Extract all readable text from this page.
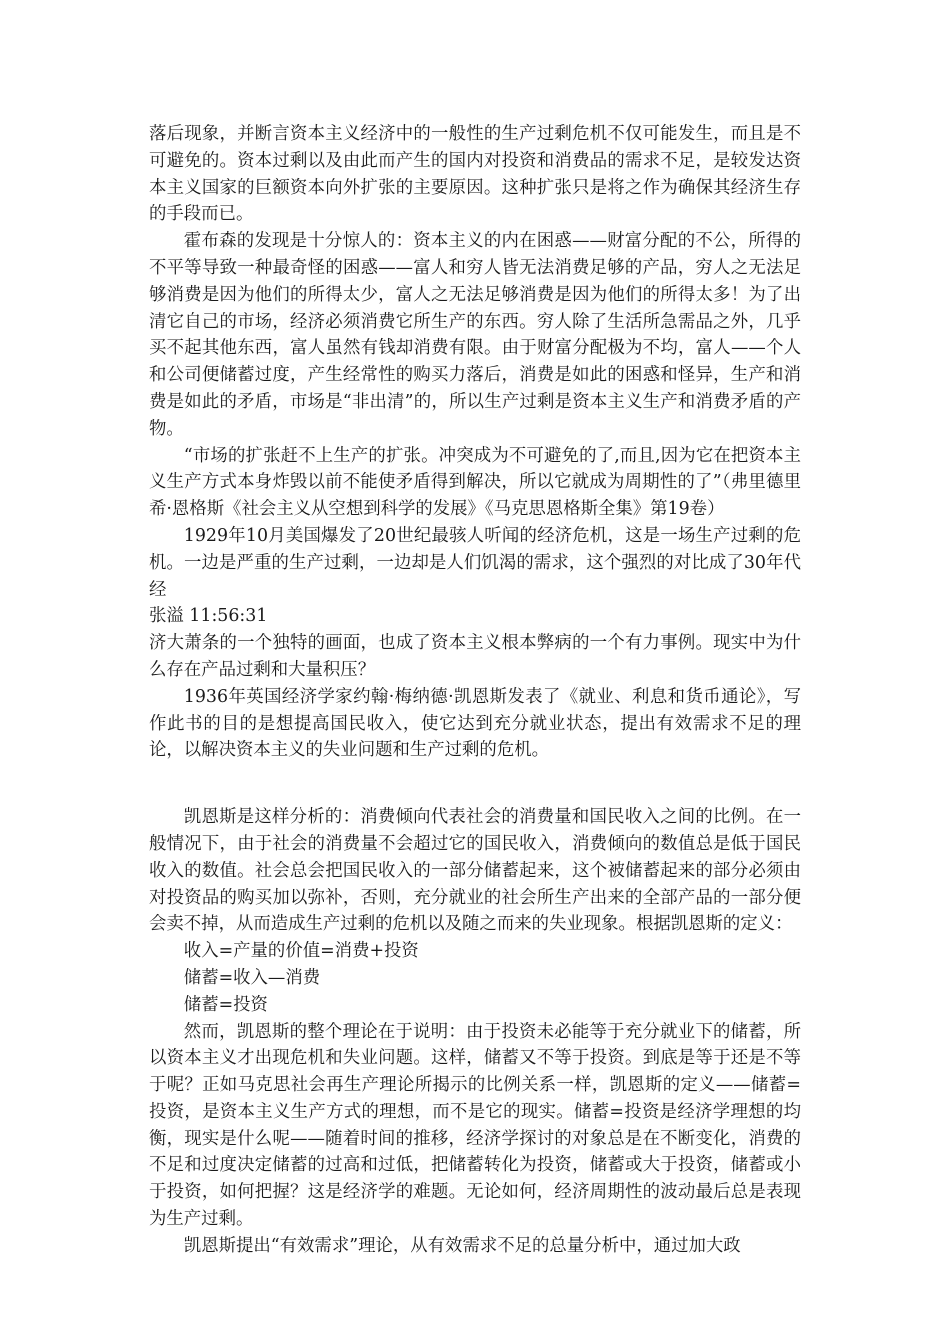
落后现象，并断言资本主义经济中的一般性的生产过剩危机不仅可能发生，而且是不可避免的。资本过剩以及由此而产生的国内对投资和消费品的需求不足，是较发达资本主义国家的巨额资本向外扩张的主要原因。这种扩张只是将之作为确保其经济生存的手段而已。

霍布森的发现是十分惊人的：资本主义的内在困惑——财富分配的不公，所得的不平等导致一种最奇怪的困惑——富人和穷人皆无法消费足够的产品，穷人之无法足够消费是因为他们的所得太少，富人之无法足够消费是因为他们的所得太多！为了出清它自己的市场，经济必须消费它所生产的东西。穷人除了生活所急需品之外，几乎买不起其他东西，富人虽然有钱却消费有限。由于财富分配极为不均，富人——个人和公司便储蓄过度，产生经常性的购买力落后，消费是如此的困惑和怪异，生产和消费是如此的矛盾，市场是“非出清”的，所以生产过剩是资本主义生产和消费矛盾的产物。

“市场的扩张赶不上生产的扩张。冲突成为不可避免的了,而且,因为它在把资本主义生产方式本身炸毁以前不能使矛盾得到解决，所以它就成为周期性的了”（弗里德里希·恩格斯《社会主义从空想到科学的发展》《马克思恩格斯全集》第19卷）

1929年10月美国爆发了20世纪最骇人听闻的经济危机，这是一场生产过剩的危机。一边是严重的生产过剩，一边却是人们饥渴的需求，这个强烈的对比成了30年代经

张溢 11:56:31

济大萧条的一个独特的画面，也成了资本主义根本弊病的一个有力事例。现实中为什么存在产品过剩和大量积压？

1936年英国经济学家约翰·梅纳德·凯恩斯发表了《就业、利息和货币通论》，写作此书的目的是想提高国民收入，使它达到充分就业状态，提出有效需求不足的理论，以解决资本主义的失业问题和生产过剩的危机。

凯恩斯是这样分析的：消费倾向代表社会的消费量和国民收入之间的比例。在一般情况下，由于社会的消费量不会超过它的国民收入，消费倾向的数值总是低于国民收入的数值。社会总会把国民收入的一部分储蓄起来，这个被储蓄起来的部分必须由对投资品的购买加以弥补，否则，充分就业的社会所生产出来的全部产品的一部分便会卖不掉，从而造成生产过剩的危机以及随之而来的失业现象。根据凯恩斯的定义：

收入=产量的价值=消费+投资

储蓄=收入—消费

储蓄=投资

然而，凯恩斯的整个理论在于说明：由于投资未必能等于充分就业下的储蓄，所以资本主义才出现危机和失业问题。这样，储蓄又不等于投资。到底是等于还是不等于呢？正如马克思社会再生产理论所揭示的比例关系一样，凯恩斯的定义——储蓄=投资，是资本主义生产方式的理想，而不是它的现实。储蓄=投资是经济学理想的均衡，现实是什么呢——随着时间的推移，经济学探讨的对象总是在不断变化，消费的不足和过度决定储蓄的过高和过低，把储蓄转化为投资，储蓄或大于投资，储蓄或小于投资，如何把握？这是经济学的难题。无论如何，经济周期性的波动最后总是表现为生产过剩。

凯恩斯提出“有效需求”理论，从有效需求不足的总量分析中，通过加大政
